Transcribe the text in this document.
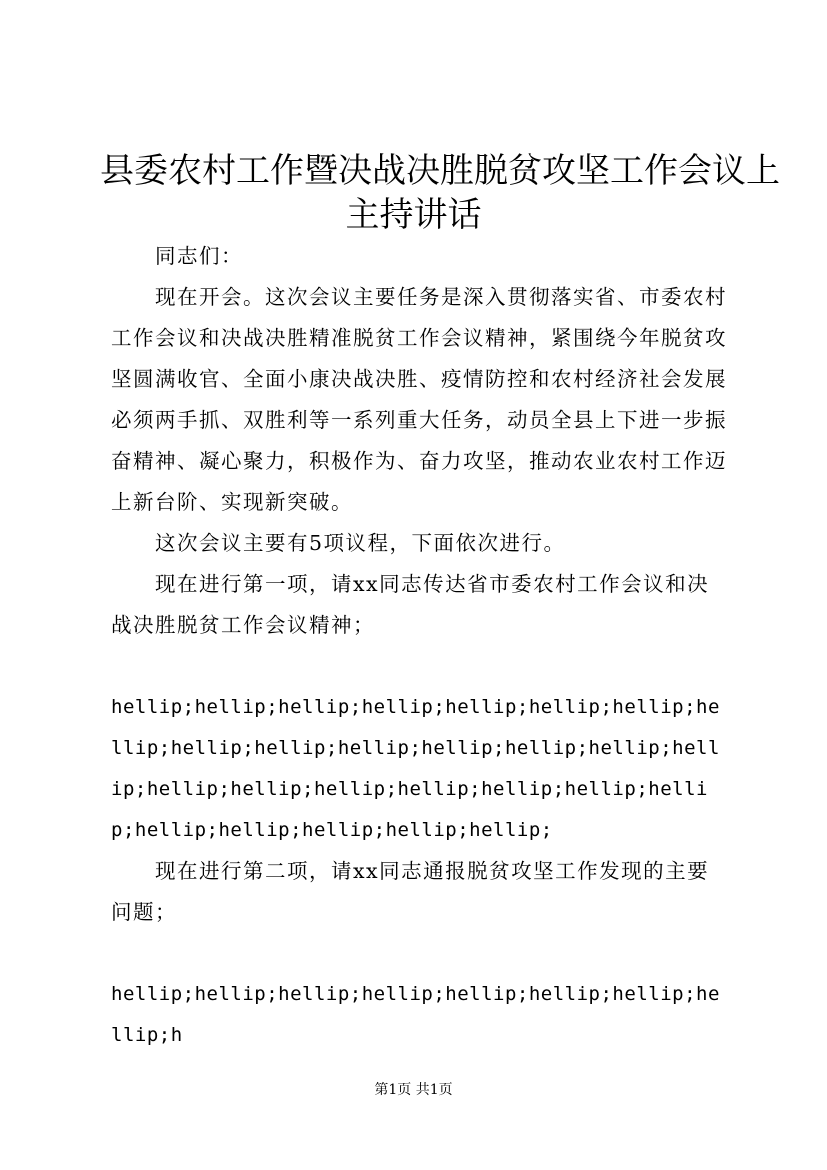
县委农村工作暨决战决胜脱贫攻坚工作会议上
主持讲话

同志们：

现在开会。这次会议主要任务是深入贯彻落实省、市委农村工作会议和决战决胜精准脱贫工作会议精神，紧围绕今年脱贫攻坚圆满收官、全面小康决战决胜、疫情防控和农村经济社会发展必须两手抓、双胜利等一系列重大任务，动员全县上下进一步振奋精神、凝心聚力，积极作为、奋力攻坚，推动农业农村工作迈上新台阶、实现新突破。

这次会议主要有5项议程，下面依次进行。

现在进行第一项，请xx同志传达省市委农村工作会议和决战决胜脱贫工作会议精神；

hellip;hellip;hellip;hellip;hellip;hellip;hellip;hellip;hellip;hellip;hellip;hellip;hellip;hellip;hellip;hellip;hellip;hellip;hellip;hellip;hellip;hellip;hellip;hellip;hellip;hellip;hellip;

现在进行第二项，请xx同志通报脱贫攻坚工作发现的主要问题；

hellip;hellip;hellip;hellip;hellip;hellip;hellip;hellip;h

第1页 共1页
